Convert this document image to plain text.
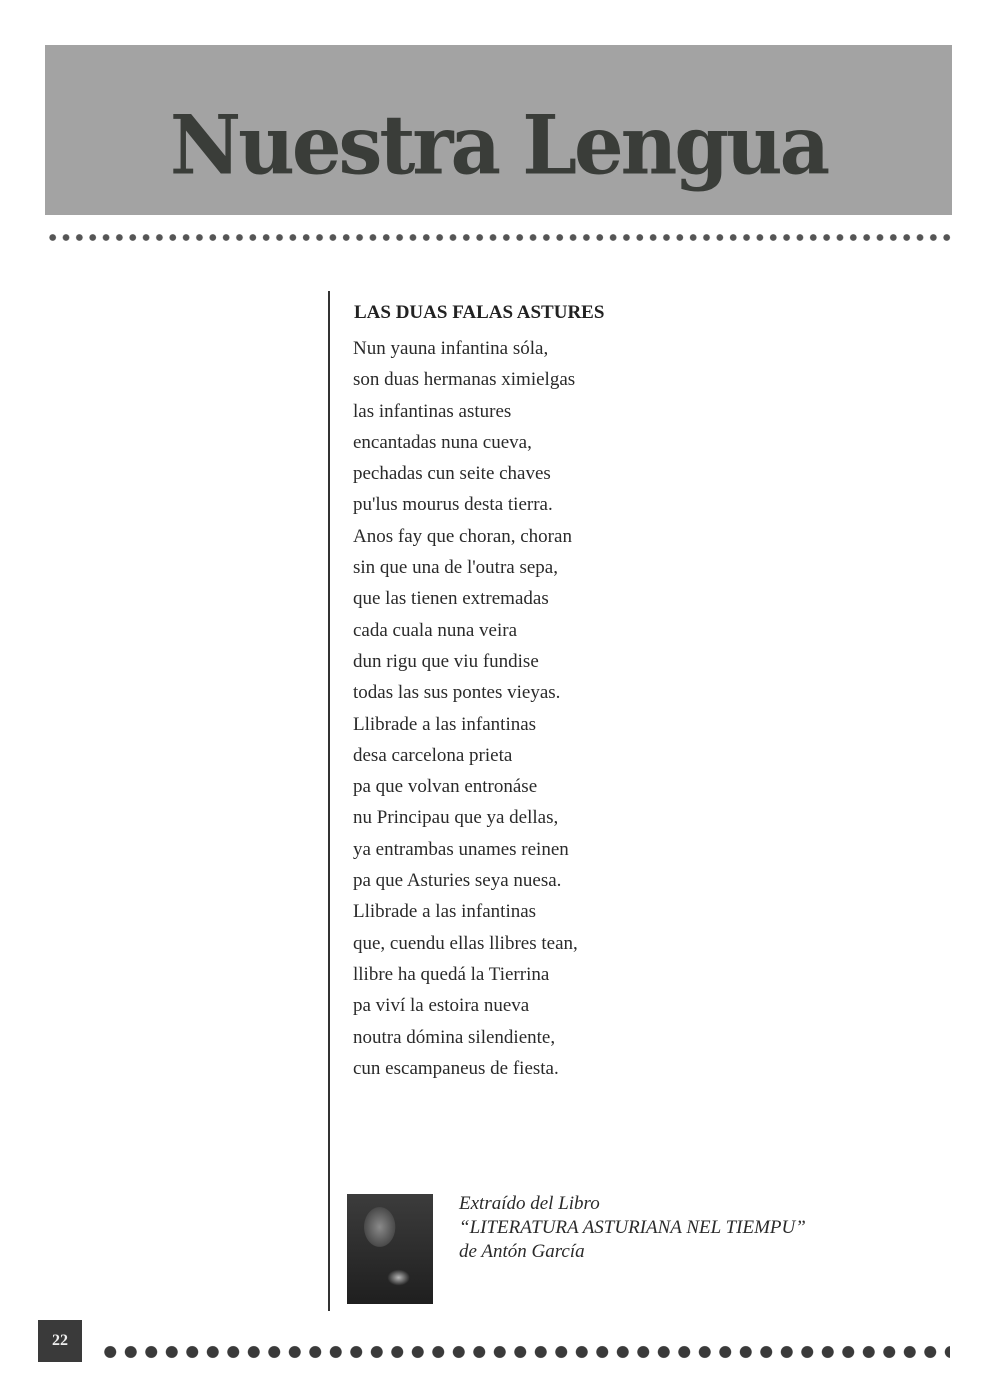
Nuestra Lengua
LAS DUAS FALAS ASTURES
Nun yauna infantina sóla,
son duas hermanas ximielgas
las infantinas astures
encantadas nuna cueva,
pechadas cun seite chaves
pu'lus mourus desta tierra.
Anos fay que choran, choran
sin que una de l'outra sepa,
que las tienen extremadas
cada cuala nuna veira
dun rigu que viu fundise
todas las sus pontes vieyas.
Llibrade a las infantinas
desa carcelona prieta
pa que volvan entronáse
nu Principau que ya dellas,
ya entrambas unames reinen
pa que Asturies seya nuesa.
Llibrade a las infantinas
que, cuendu ellas llibres tean,
llibre ha quedá la Tierrina
pa viví la estoira nueva
noutra dómina silendiente,
cun escampaneus de fiesta.
Extraído del Libro
“LITERATURA ASTURIANA NEL TIEMPU”
de Antón García
22
